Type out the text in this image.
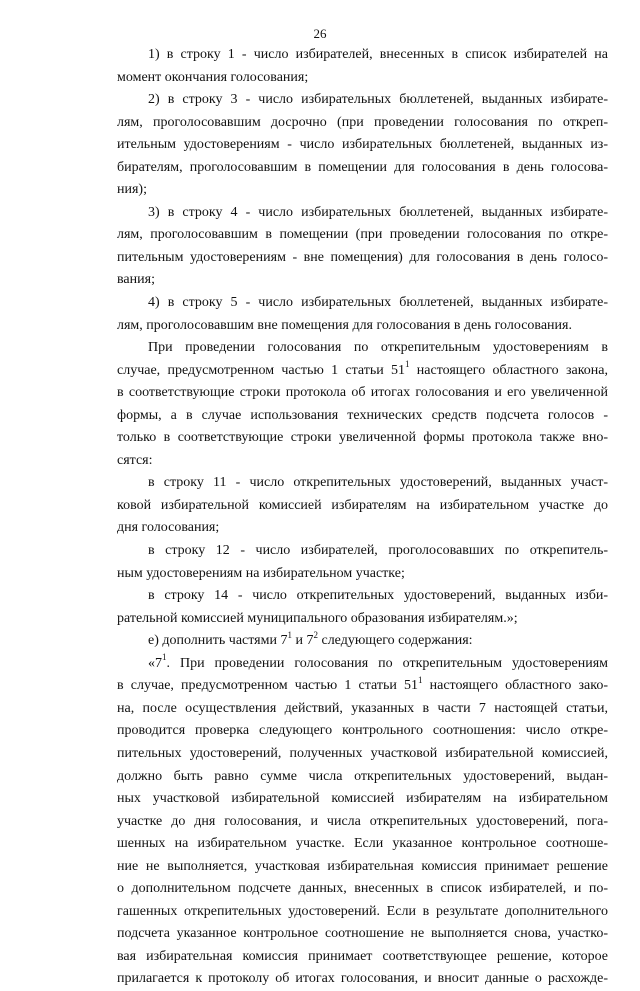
26
1) в строку 1 - число избирателей, внесенных в список избирателей на
момент окончания голосования;
2) в строку 3 - число избирательных бюллетеней, выданных избирате-
лям, проголосовавшим досрочно (при проведении голосования по откреп-
ительным удостоверениям - число избирательных бюллетеней, выданных из-
бирателям, проголосовавшим в помещении для голосования в день голосова-
ния);
3) в строку 4 - число избирательных бюллетеней, выданных избирате-
лям, проголосовавшим в помещении (при проведении голосования по откре-
пительным удостоверениям - вне помещения) для голосования в день голосо-
вания;
4) в строку 5 - число избирательных бюллетеней, выданных избирате-
лям, проголосовавшим вне помещения для голосования в день голосования.
При проведении голосования по открепительным удостоверениям в
случае, предусмотренном частью 1 статьи $51^1$ настоящего областного закона,
в соответствующие строки протокола об итогах голосования и его увеличенной
формы, а в случае использования технических средств подсчета голосов -
только в соответствующие строки увеличенной формы протокола также вно-
сятся:
в строку 11 - число открепительных удостоверений, выданных участ-
ковой избирательной комиссией избирателям на избирательном участке до
дня голосования;
в строку 12 - число избирателей, проголосовавших по открепитель-
ным удостоверениям на избирательном участке;
в строку 14 - число открепительных удостоверений, выданных изби-
рательной комиссией муниципального образования избирателям.»;
е) дополнить частями $7^1$ и $7^2$ следующего содержания:
«$7^1$. При проведении голосования по открепительным удостоверениям
в случае, предусмотренном частью 1 статьи $51^1$ настоящего областного зако-
на, после осуществления действий, указанных в части 7 настоящей статьи,
проводится проверка следующего контрольного соотношения: число откре-
пительных удостоверений, полученных участковой избирательной комиссией,
должно быть равно сумме числа открепительных удостоверений, выдан-
ных участковой избирательной комиссией избирателям на избирательном
участке до дня голосования, и числа открепительных удостоверений, пога-
шенных на избирательном участке. Если указанное контрольное соотноше-
ние не выполняется, участковая избирательная комиссия принимает решение
о дополнительном подсчете данных, внесенных в список избирателей, и по-
гашенных открепительных удостоверений. Если в результате дополнительного
подсчета указанное контрольное соотношение не выполняется снова, участко-
вая избирательная комиссия принимает соответствующее решение, которое
прилагается к протоколу об итогах голосования, и вносит данные о расхожде-
